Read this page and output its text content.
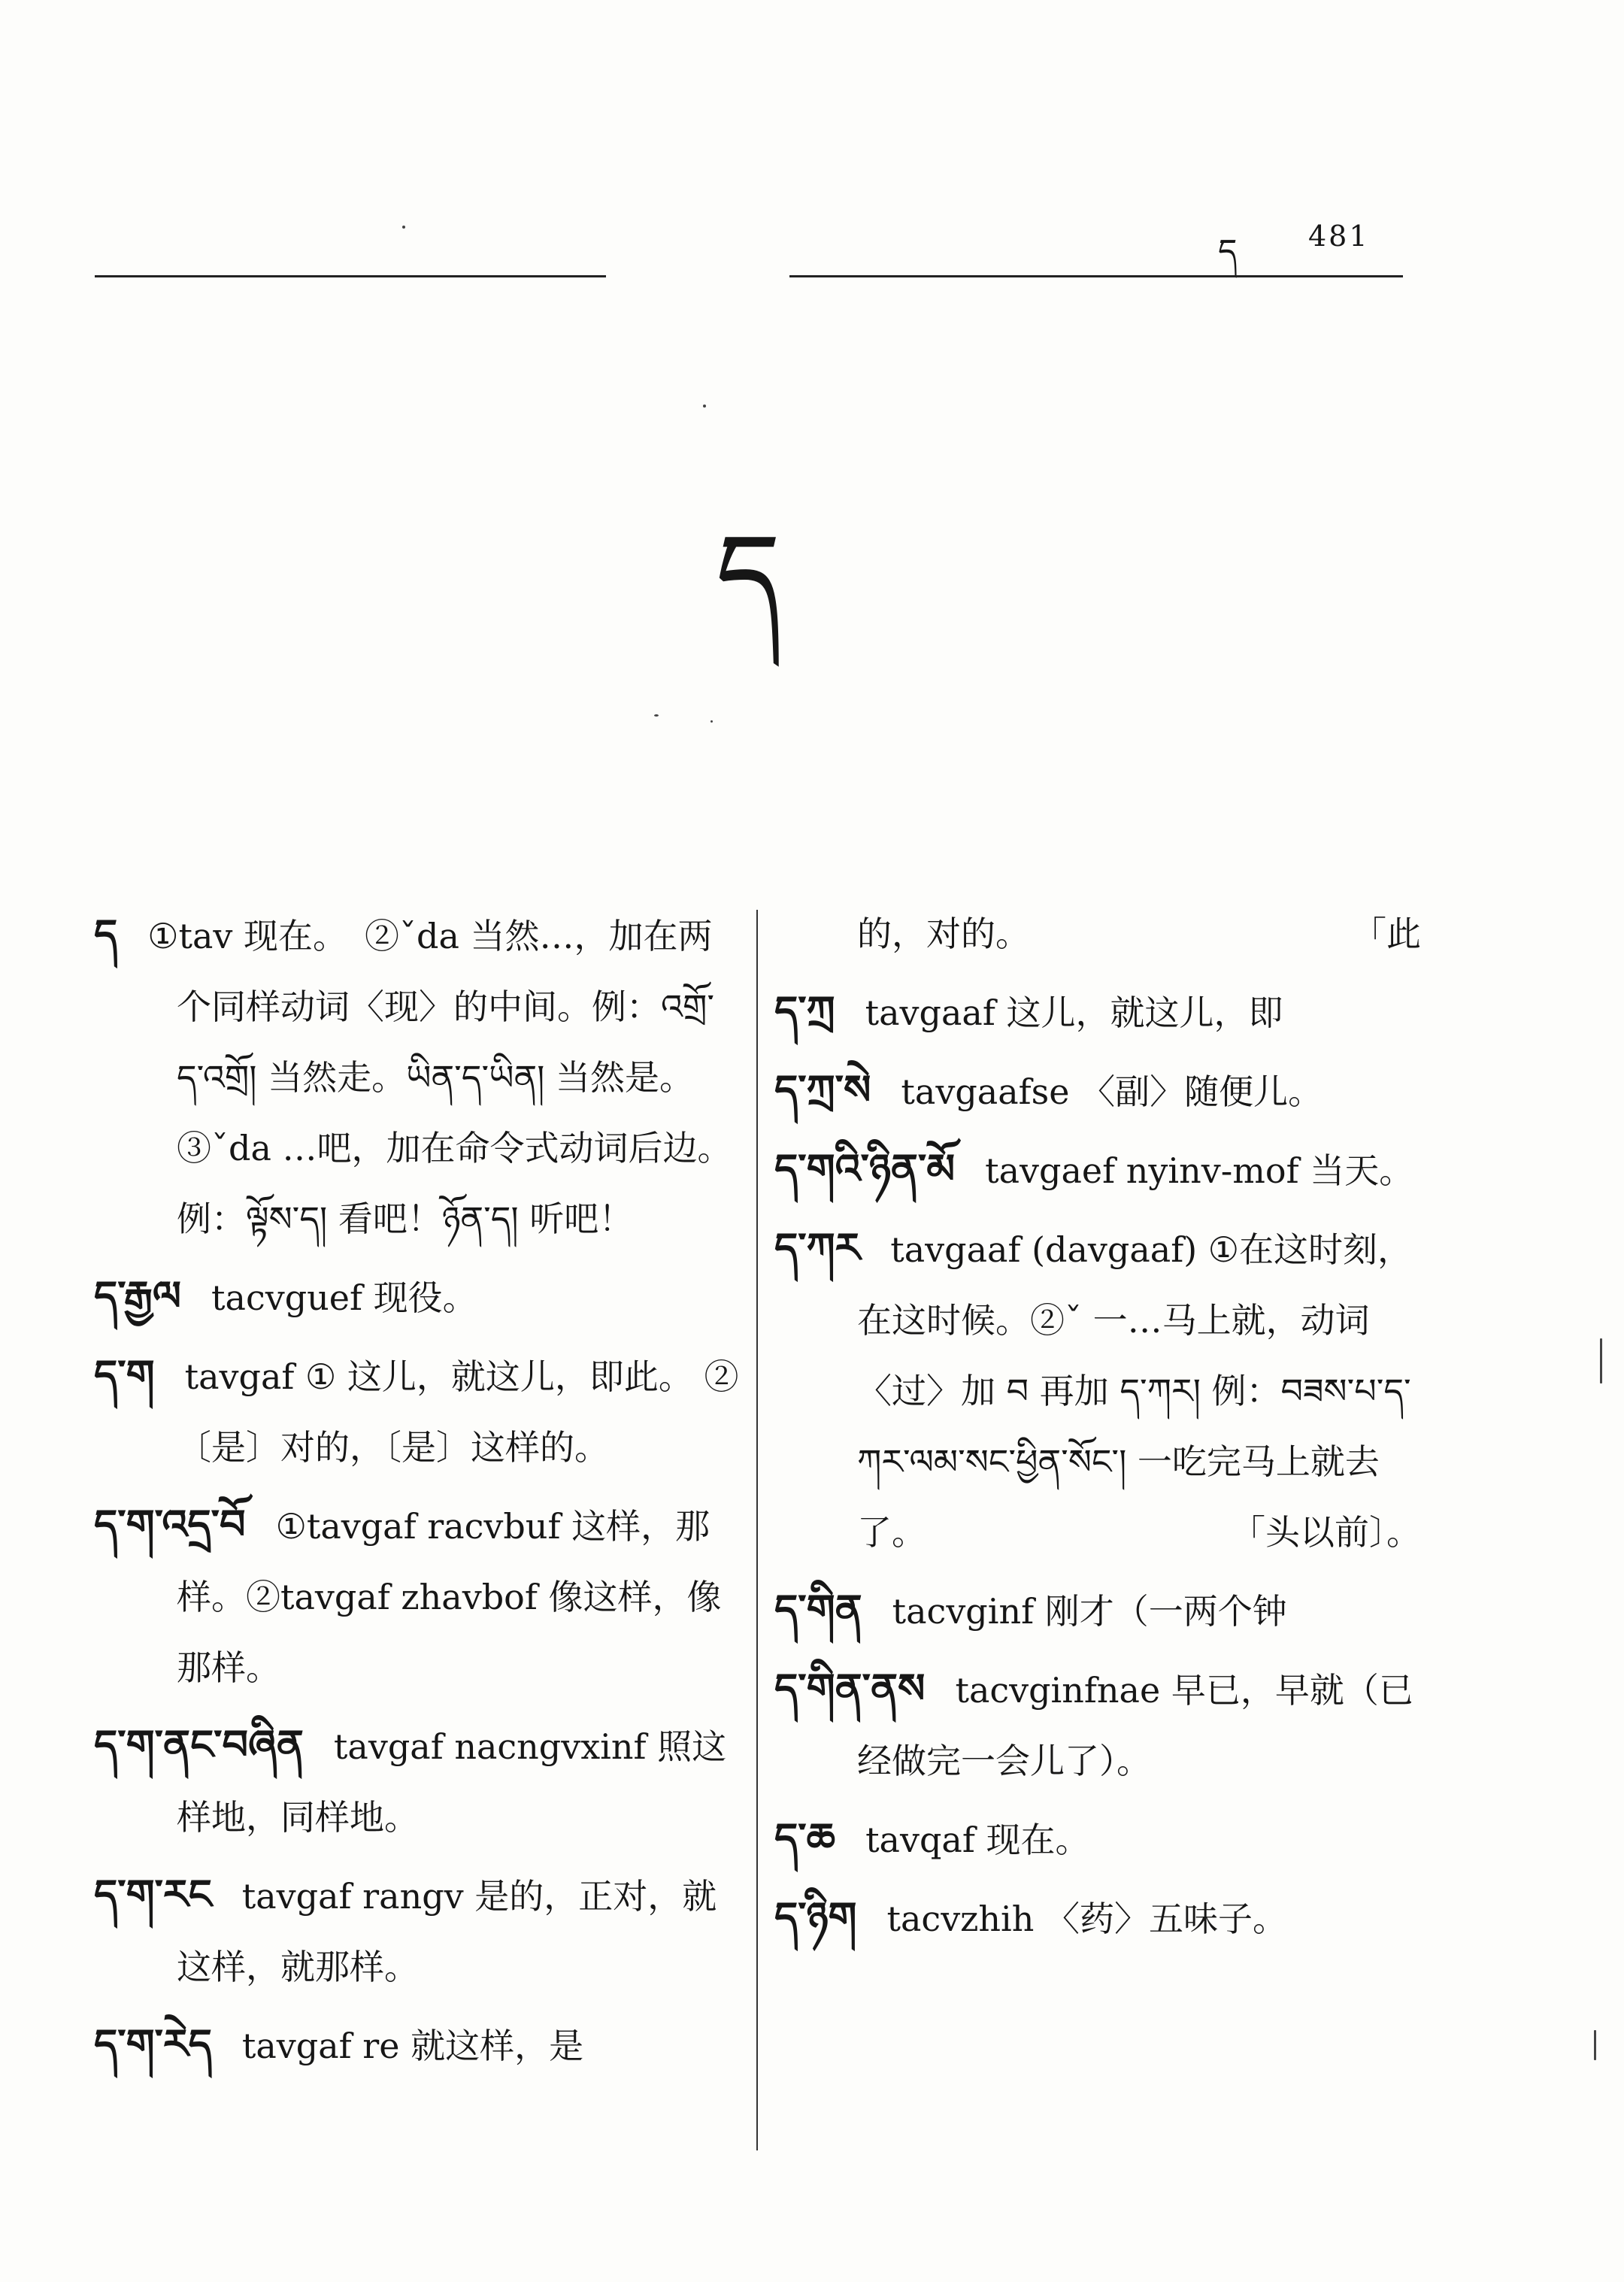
ད 481
ད
ད ①tav 现在。　②ˇda 当然…，加在两个同样动词〈现〉的中间。例：འགྲོ་ད་འགྲོ། 当然走。ཡིན་ད་ཡིན། 当然是。　③ˇda …吧，加在命令式动词后边。例：ལྟོས་ད། 看吧！ཉོན་ད། 听吧！
ད་རྒྱལ tacvguef 现役。
ད་ག tavgaf ① 这儿，就这儿，即此。 ②〔是〕对的，〔是〕这样的。
ད་ག་འདྲ་བོ ①tavgaf racvbuf 这样，那样。②tavgaf zhavbof 像这样，像那样。
ད་ག་ནང་བཞིན tavgaf nacngvxinf 照这样地，同样地。
ད་ག་རང tavgaf rangv 是的，正对，就这样，就那样。
ད་ག་རེད tavgaf re 就这样，是
的，对的。	「此
ད་ཀྲ tavgaaf 这儿，就这儿，即
ད་ཀྲ་སེ tavgaafse 〈副〉随便儿。
ད་གའི་ཉིན་མོ tavgaef nyinv-mof 当天。
ད་ཀར tavgaaf (davgaaf) ①在这时刻，在这时候。②ˇ 一…马上就，动词〈过〉加 བ 再加 ད་ཀར། 例：བཟས་པ་ད་ཀར་ལམ་སང་ཕྱིན་སོང་། 一吃完马上就去了。	「头以前〕。
ད་གིན tacvginf 刚才（一两个钟
ད་གིན་ནས tacvginfnae 早已，早就（已经做完一会儿了）。
ད་ཆ tavqaf 现在。
ད་ཉིག tacvzhih 〈药〉五味子。
